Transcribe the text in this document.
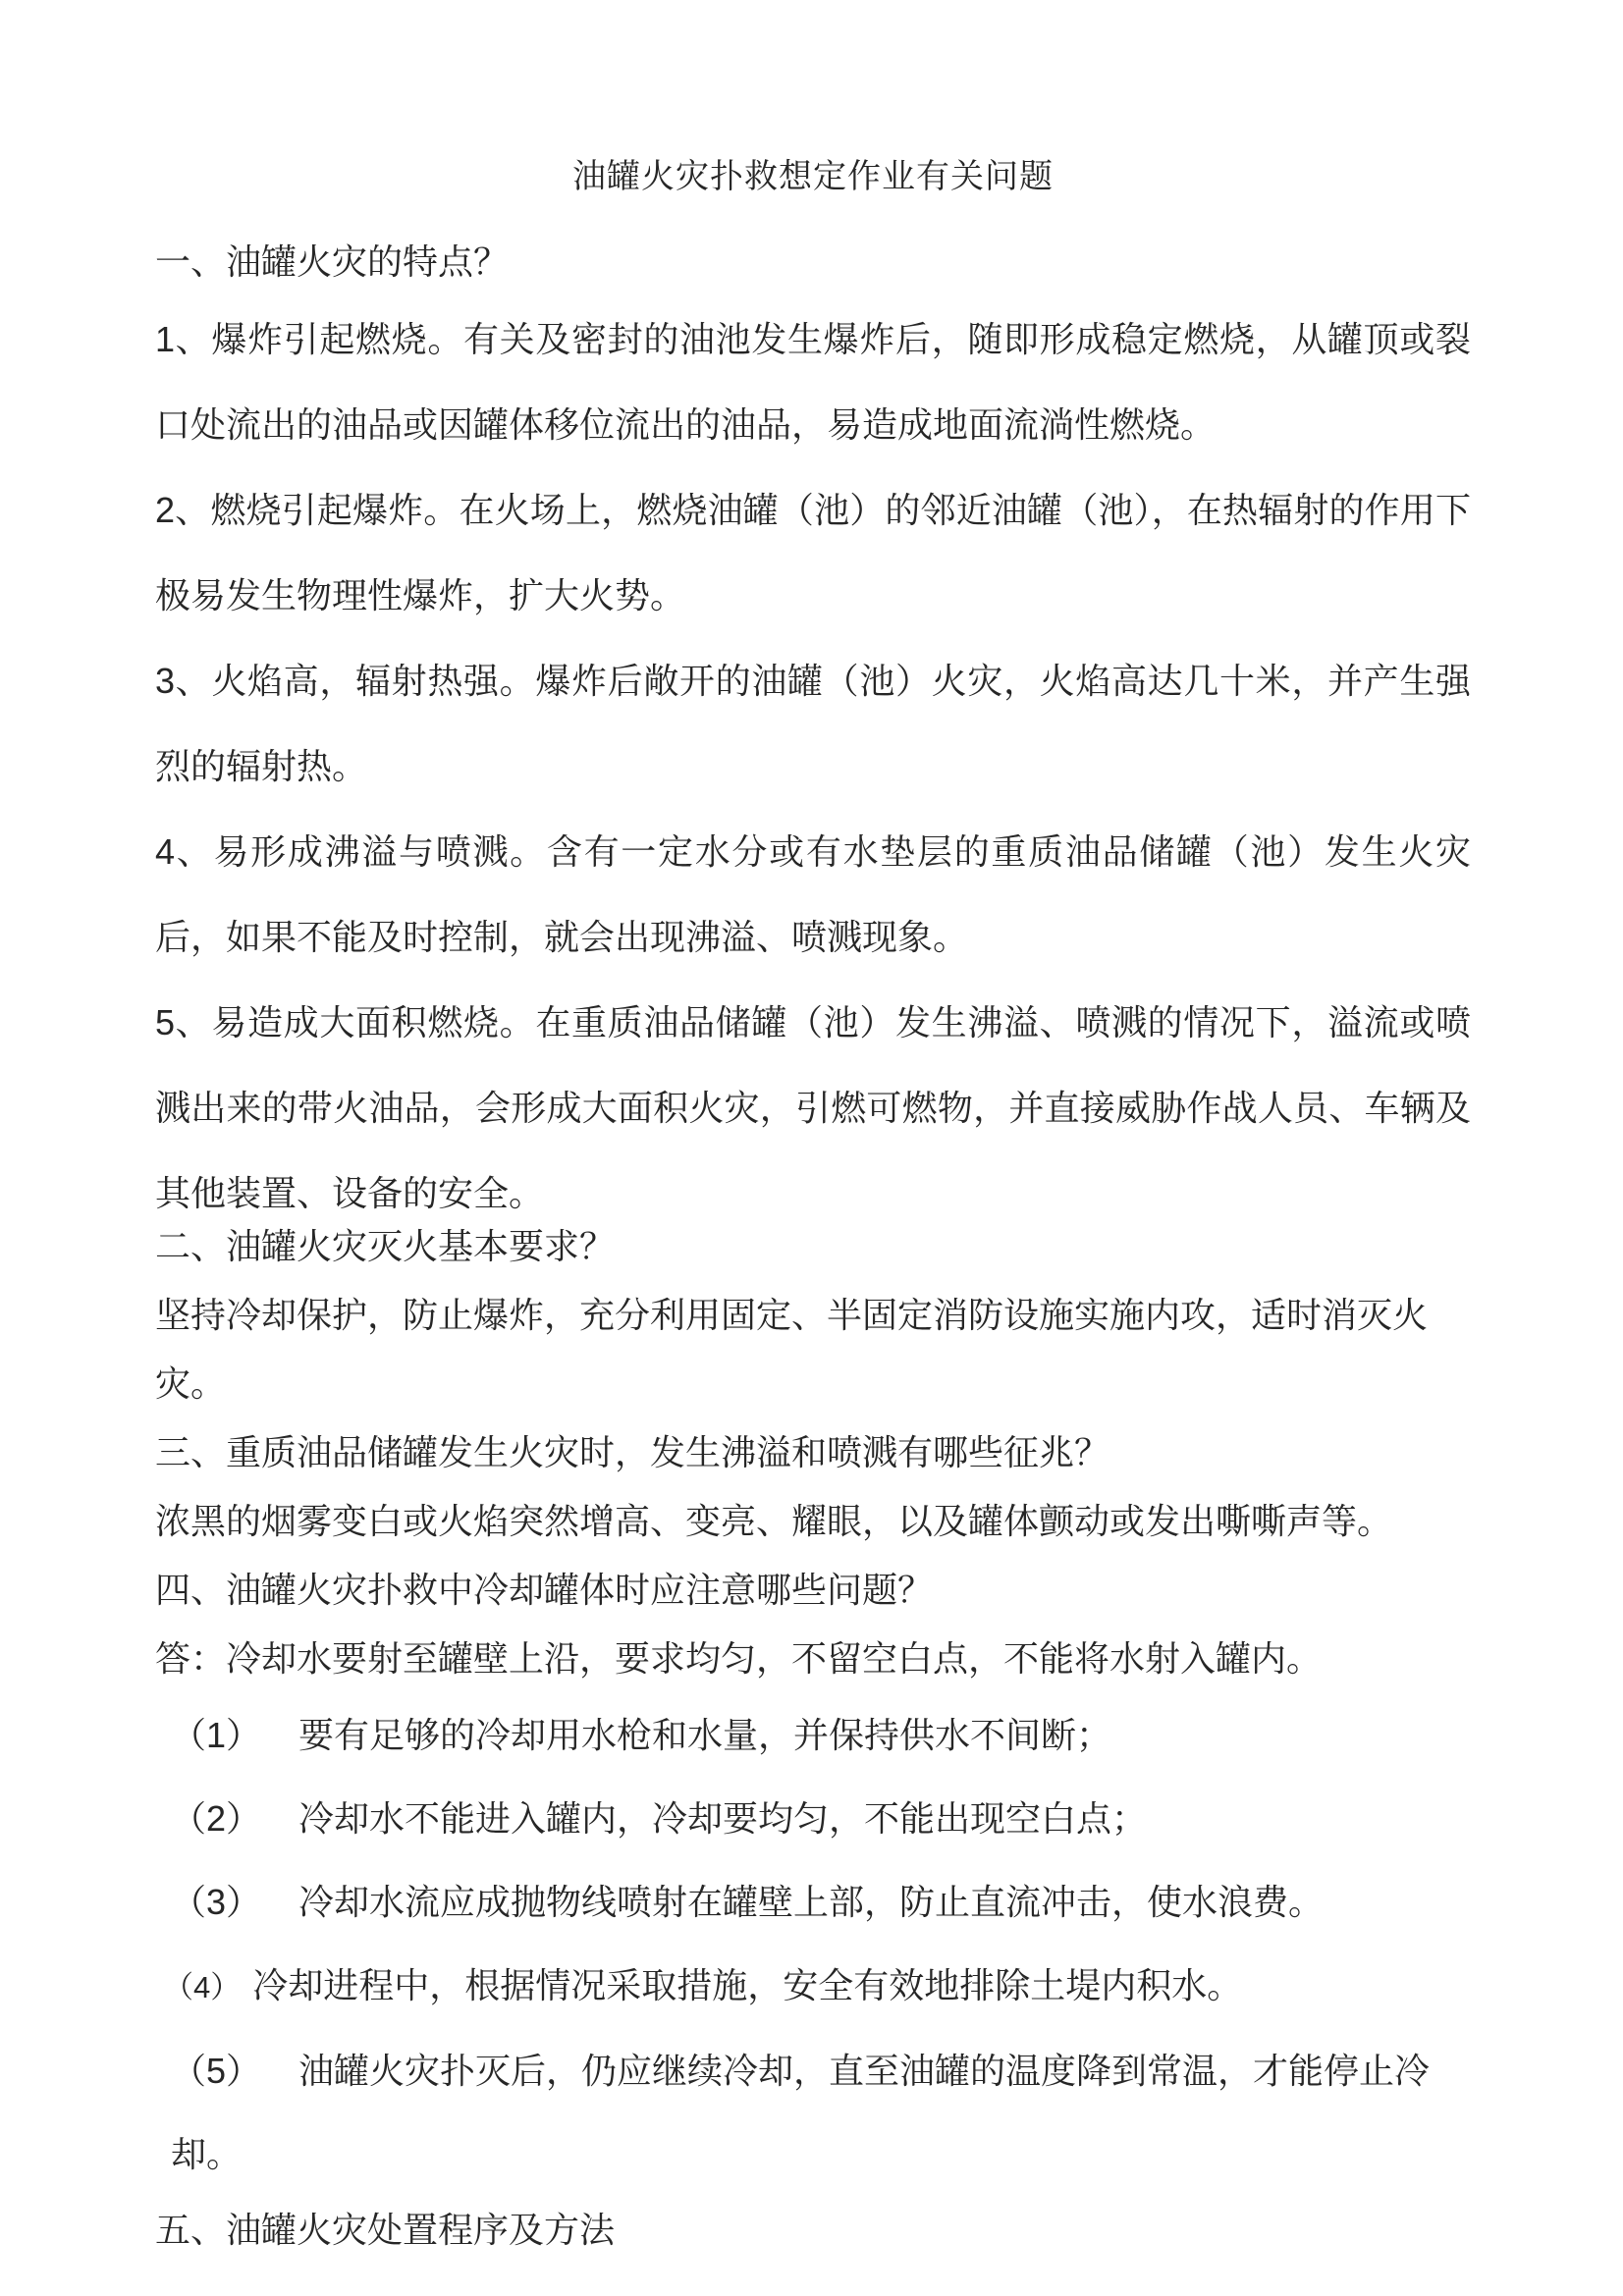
油罐火灾扑救想定作业有关问题

一、油罐火灾的特点？

1、爆炸引起燃烧。有关及密封的油池发生爆炸后，随即形成稳定燃烧，从罐顶或裂口处流出的油品或因罐体移位流出的油品，易造成地面流淌性燃烧。

2、燃烧引起爆炸。在火场上，燃烧油罐（池）的邻近油罐（池），在热辐射的作用下极易发生物理性爆炸，扩大火势。

3、火焰高，辐射热强。爆炸后敞开的油罐（池）火灾，火焰高达几十米，并产生强烈的辐射热。

4、易形成沸溢与喷溅。含有一定水分或有水垫层的重质油品储罐（池）发生火灾后，如果不能及时控制，就会出现沸溢、喷溅现象。

5、易造成大面积燃烧。在重质油品储罐（池）发生沸溢、喷溅的情况下，溢流或喷溅出来的带火油品，会形成大面积火灾，引燃可燃物，并直接威胁作战人员、车辆及其他装置、设备的安全。

二、油罐火灾灭火基本要求？

坚持冷却保护，防止爆炸，充分利用固定、半固定消防设施实施内攻，适时消灭火灾。

三、重质油品储罐发生火灾时，发生沸溢和喷溅有哪些征兆？

浓黑的烟雾变白或火焰突然增高、变亮、耀眼，以及罐体颤动或发出嘶嘶声等。

四、油罐火灾扑救中冷却罐体时应注意哪些问题？

答：冷却水要射至罐壁上沿，要求均匀，不留空白点，不能将水射入罐内。

（1） 要有足够的冷却用水枪和水量，并保持供水不间断；

（2） 冷却水不能进入罐内，冷却要均匀，不能出现空白点；

（3） 冷却水流应成抛物线喷射在罐壁上部，防止直流冲击，使水浪费。

（4） 冷却进程中，根据情况采取措施，安全有效地排除土堤内积水。

（5） 油罐火灾扑灭后，仍应继续冷却，直至油罐的温度降到常温，才能停止冷却。

五、油罐火灾处置程序及方法
